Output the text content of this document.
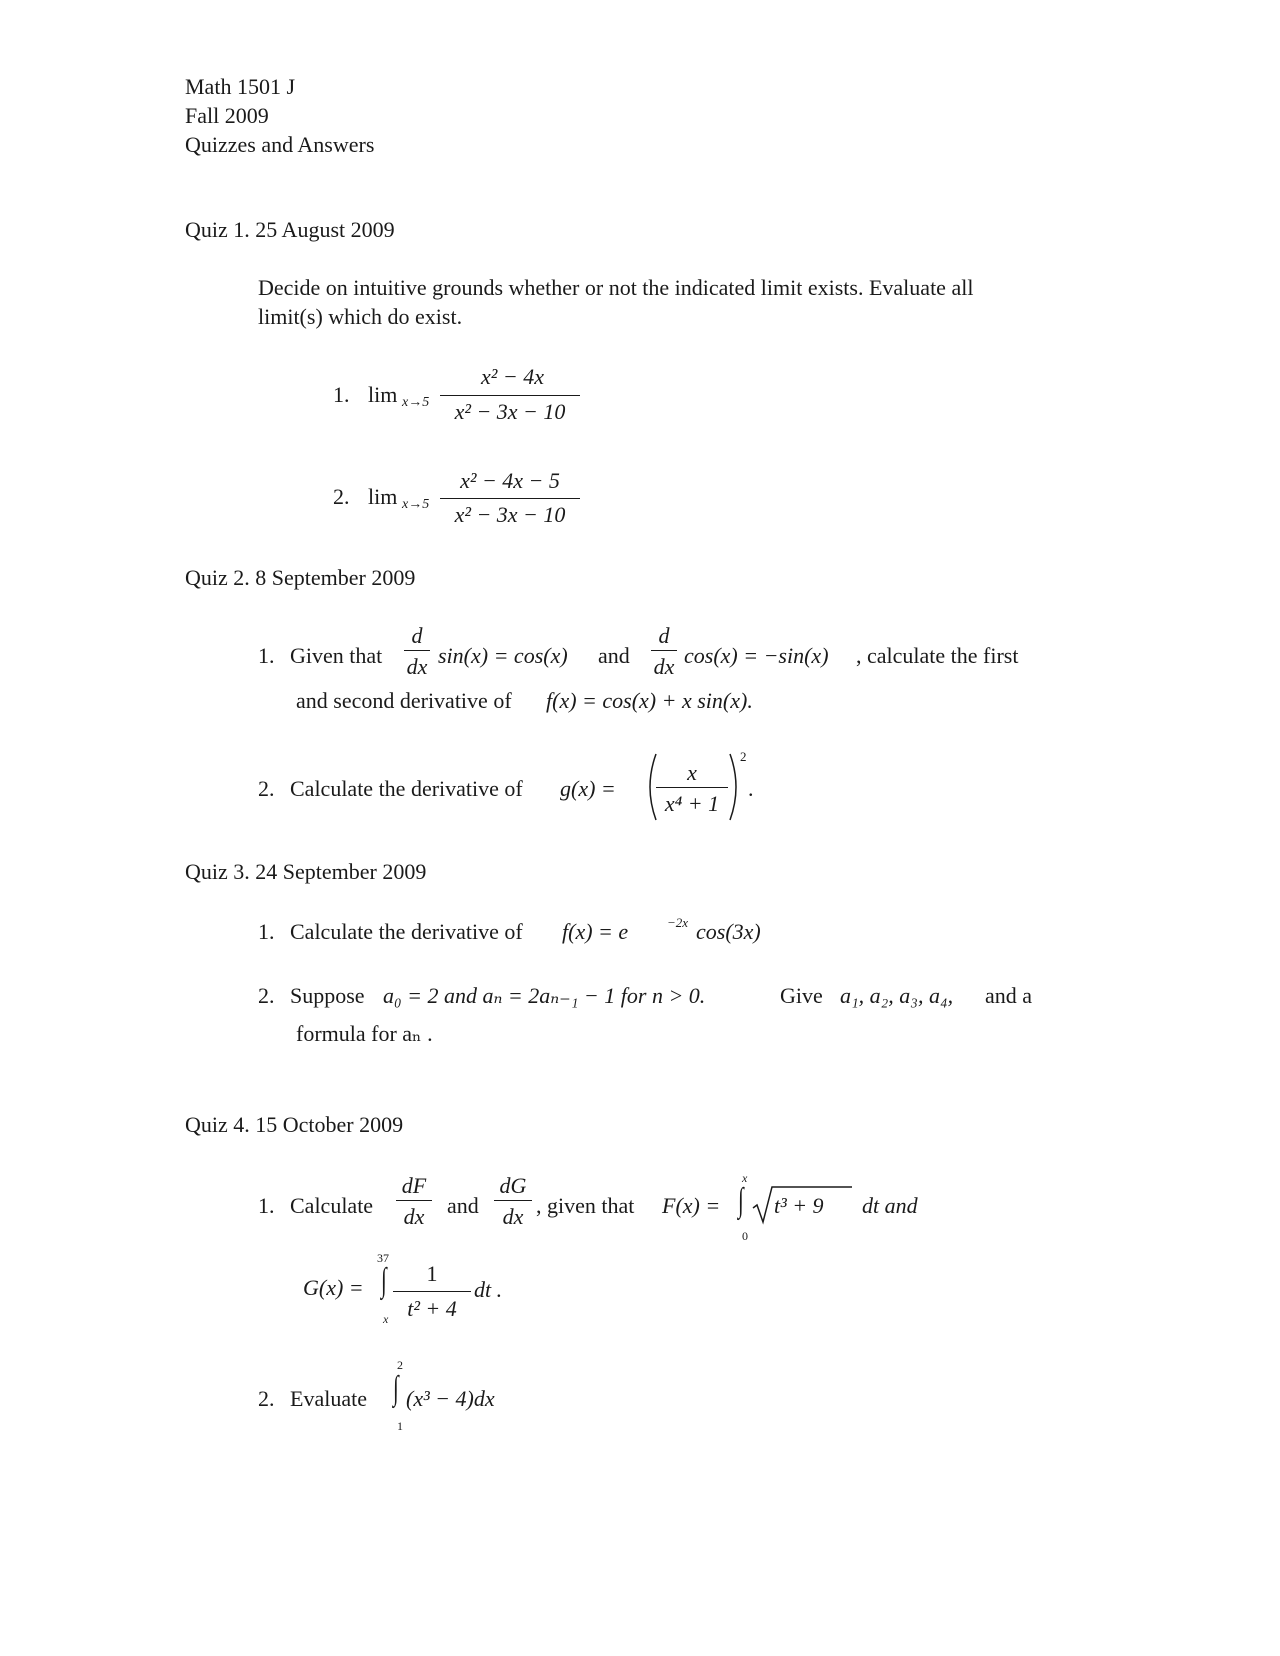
Math 1501 J
Fall 2009
Quizzes and Answers
Quiz 1. 25 August 2009
Decide on intuitive grounds whether or not the indicated limit exists. Evaluate all
limit(s) which do exist.
1. lim x→5
x² − 4x
x² − 3x − 10
2. lim x→5
x² − 4x − 5
x² − 3x − 10
Quiz 2. 8 September 2009
1. Given that
d
dx sin(x) = cos(x) and
d
dx cos(x) = −sin(x) , calculate the first
and second derivative of f(x) = cos(x) + x sin(x).
2. Calculate the derivative of g(x) =
x
x⁴ + 1
2
.
Quiz 3. 24 September 2009
1. Calculate the derivative of f(x) = e	−2x cos(3x)
2. Suppose a₀ = 2 and aₙ = 2aₙ₋₁ − 1 for n > 0.	Give a₁, a₂, a₃, a₄, and a
formula for aₙ .
Quiz 4. 15 October 2009
1. Calculate
dF
dx	and
dG
dx , given that F(x) =
x
∫
0
t³ + 9 dt and
G(x) =
37
∫
x
1
t² + 4
dt .
2. Evaluate
2
∫
1
(x³ − 4)dx
